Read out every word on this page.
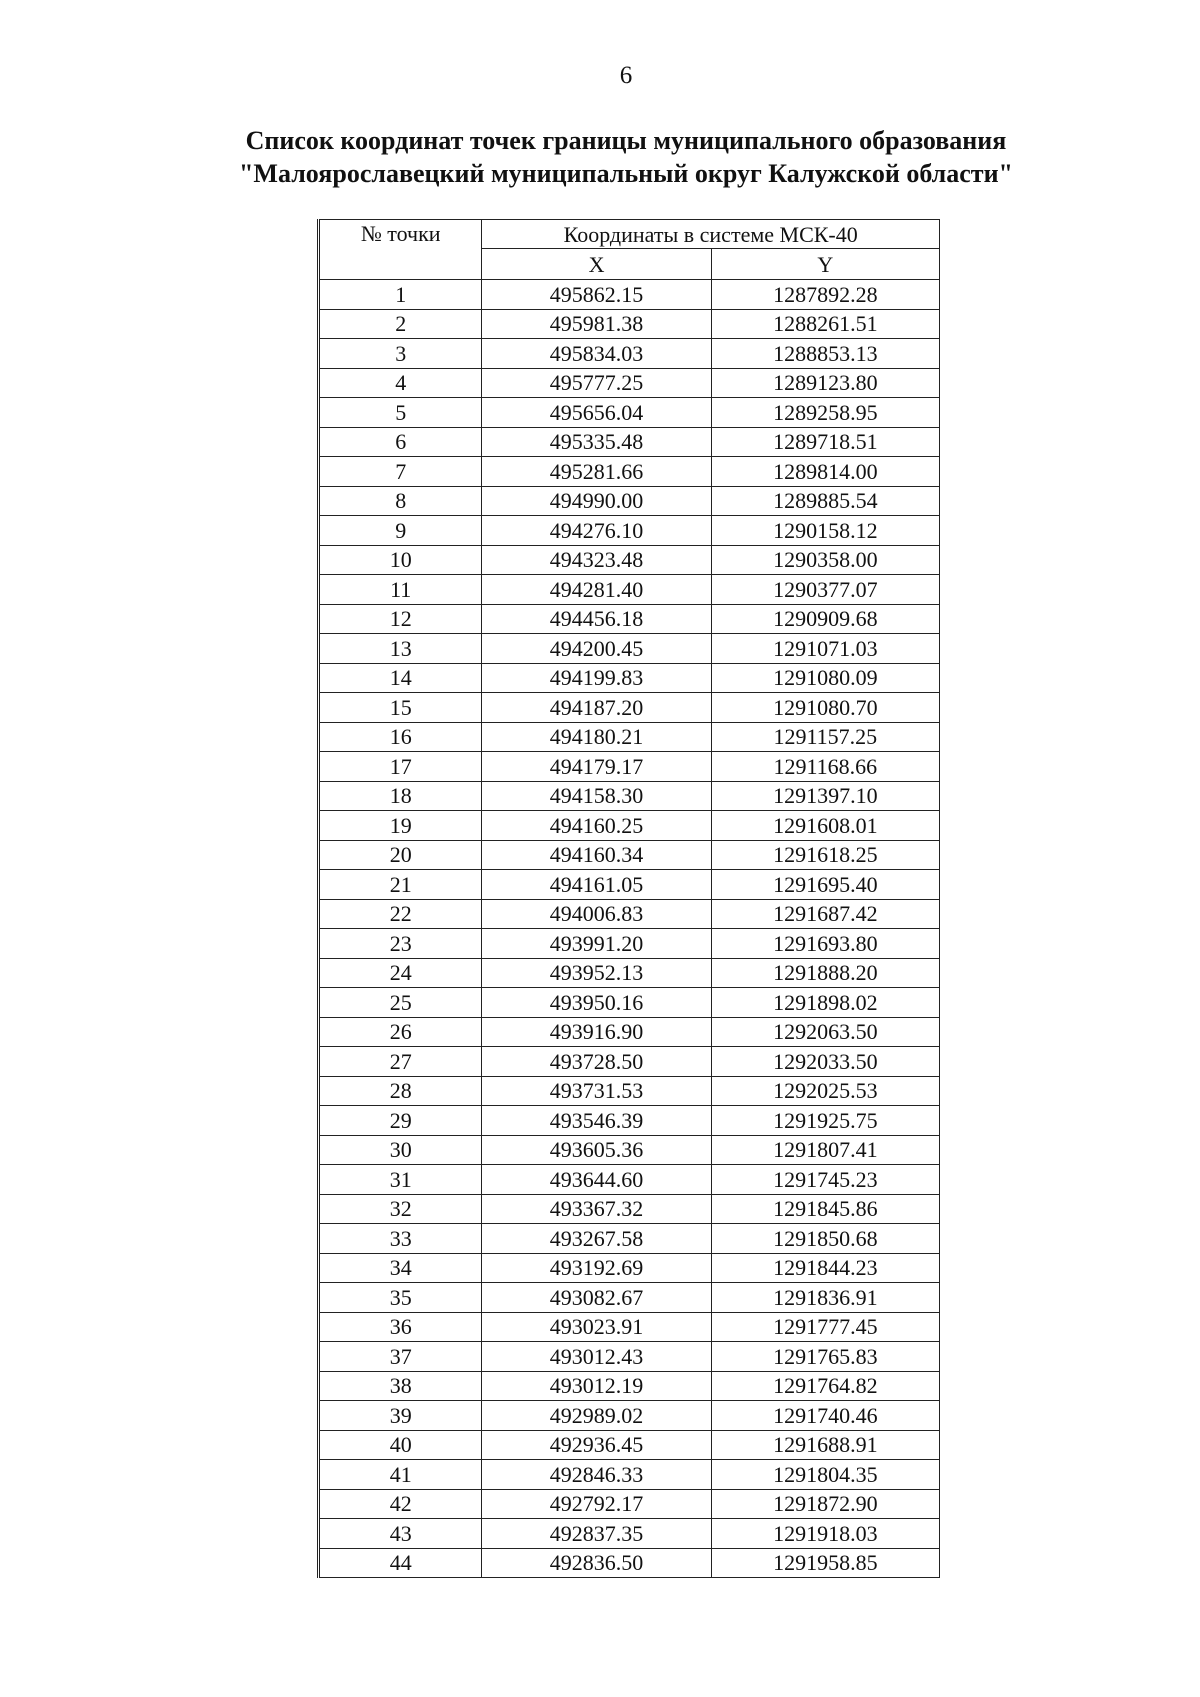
6
Список координат точек границы муниципального образования
"Малоярославецкий муниципальный округ Калужской области"
№ точки	Координаты в системе МСК-40	
	X	Y
1	495862.15	1287892.28
2	495981.38	1288261.51
3	495834.03	1288853.13
4	495777.25	1289123.80
5	495656.04	1289258.95
6	495335.48	1289718.51
7	495281.66	1289814.00
8	494990.00	1289885.54
9	494276.10	1290158.12
10	494323.48	1290358.00
11	494281.40	1290377.07
12	494456.18	1290909.68
13	494200.45	1291071.03
14	494199.83	1291080.09
15	494187.20	1291080.70
16	494180.21	1291157.25
17	494179.17	1291168.66
18	494158.30	1291397.10
19	494160.25	1291608.01
20	494160.34	1291618.25
21	494161.05	1291695.40
22	494006.83	1291687.42
23	493991.20	1291693.80
24	493952.13	1291888.20
25	493950.16	1291898.02
26	493916.90	1292063.50
27	493728.50	1292033.50
28	493731.53	1292025.53
29	493546.39	1291925.75
30	493605.36	1291807.41
31	493644.60	1291745.23
32	493367.32	1291845.86
33	493267.58	1291850.68
34	493192.69	1291844.23
35	493082.67	1291836.91
36	493023.91	1291777.45
37	493012.43	1291765.83
38	493012.19	1291764.82
39	492989.02	1291740.46
40	492936.45	1291688.91
41	492846.33	1291804.35
42	492792.17	1291872.90
43	492837.35	1291918.03
44	492836.50	1291958.85
